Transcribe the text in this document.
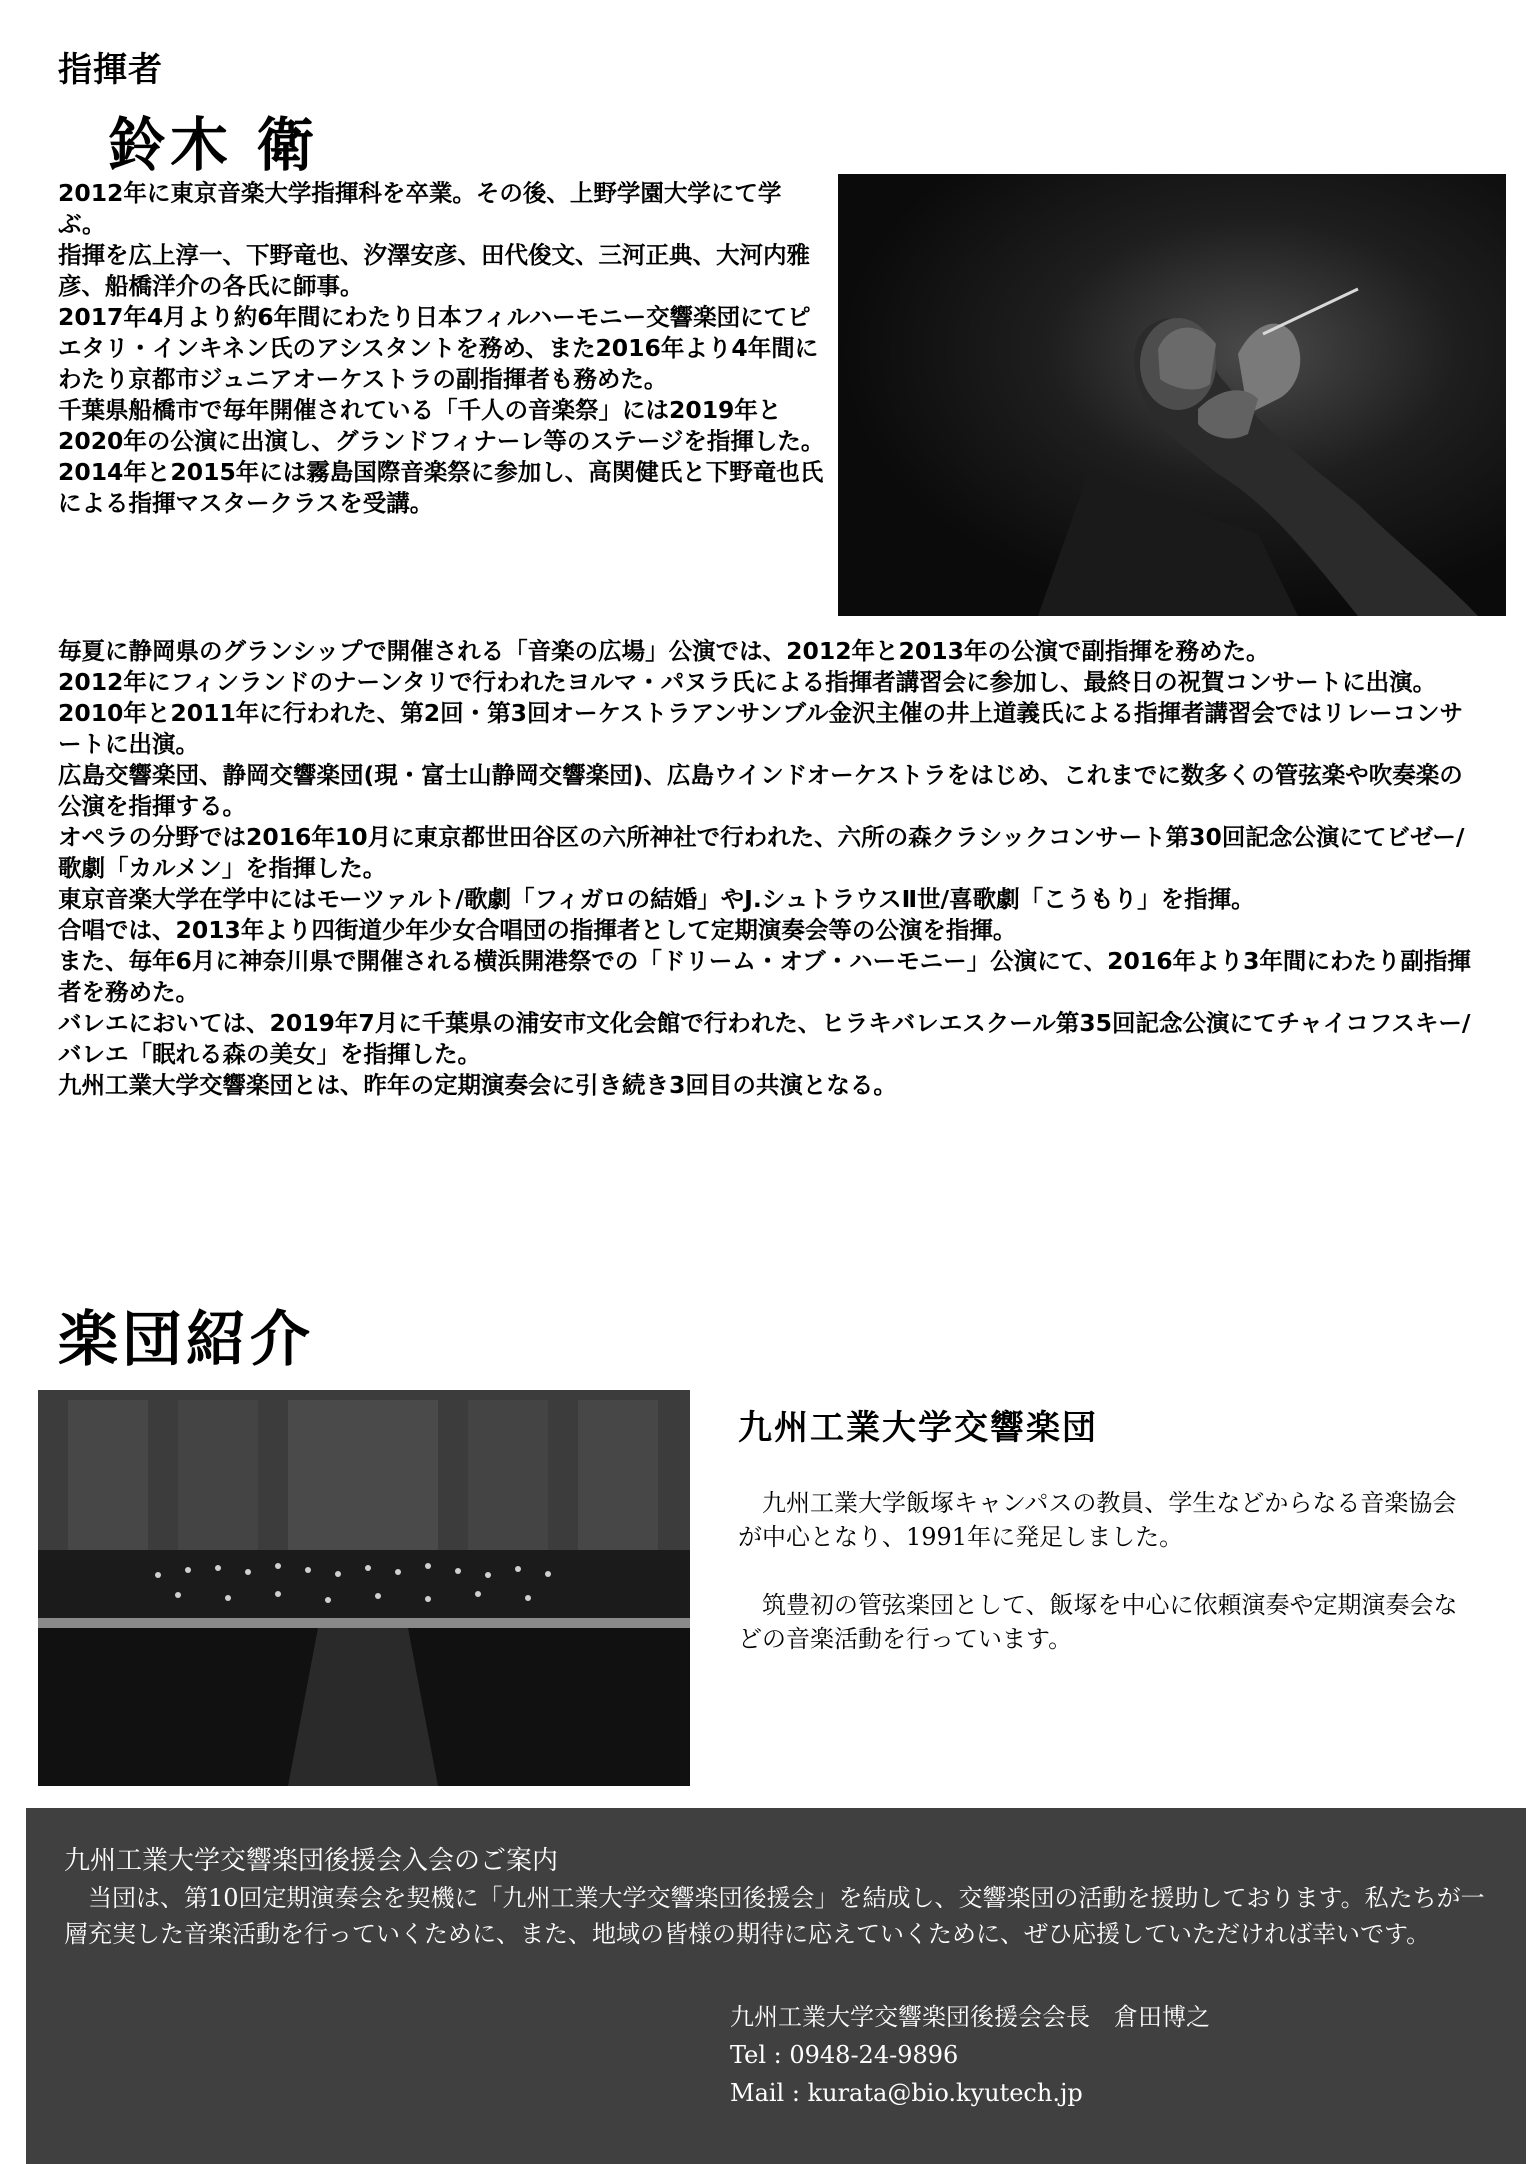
指揮者
鈴木 衛

2012年に東京音楽大学指揮科を卒業。その後、上野学園大学にて学ぶ。

指揮を広上淳一、下野竜也、汐澤安彦、田代俊文、三河正典、大河内雅彦、船橋洋介の各氏に師事。

2017年4月より約6年間にわたり日本フィルハーモニー交響楽団にてピエタリ・インキネン氏のアシスタントを務め、また2016年より4年間にわたり京都市ジュニアオーケストラの副指揮者も務めた。

千葉県船橋市で毎年開催されている「千人の音楽祭」には2019年と2020年の公演に出演し、グランドフィナーレ等のステージを指揮した。

2014年と2015年には霧島国際音楽祭に参加し、高関健氏と下野竜也氏による指揮マスタークラスを受講。

毎夏に静岡県のグランシップで開催される「音楽の広場」公演では、2012年と2013年の公演で副指揮を務めた。

2012年にフィンランドのナーンタリで行われたヨルマ・パヌラ氏による指揮者講習会に参加し、最終日の祝賀コンサートに出演。

2010年と2011年に行われた、第2回・第3回オーケストラアンサンブル金沢主催の井上道義氏による指揮者講習会ではリレーコンサートに出演。

広島交響楽団、静岡交響楽団(現・富士山静岡交響楽団)、広島ウインドオーケストラをはじめ、これまでに数多くの管弦楽や吹奏楽の公演を指揮する。

オペラの分野では2016年10月に東京都世田谷区の六所神社で行われた、六所の森クラシックコンサート第30回記念公演にてビゼー/歌劇「カルメン」を指揮した。

東京音楽大学在学中にはモーツァルト/歌劇「フィガロの結婚」やJ.シュトラウスⅡ世/喜歌劇「こうもり」を指揮。

合唱では、2013年より四街道少年少女合唱団の指揮者として定期演奏会等の公演を指揮。

また、毎年6月に神奈川県で開催される横浜開港祭での「ドリーム・オブ・ハーモニー」公演にて、2016年より3年間にわたり副指揮者を務めた。

バレエにおいては、2019年7月に千葉県の浦安市文化会館で行われた、ヒラキバレエスクール第35回記念公演にてチャイコフスキー/バレエ「眠れる森の美女」を指揮した。

九州工業大学交響楽団とは、昨年の定期演奏会に引き続き3回目の共演となる。

楽団紹介
九州工業大学交響楽団

九州工業大学飯塚キャンパスの教員、学生などからなる音楽協会が中心となり、1991年に発足しました。

筑豊初の管弦楽団として、飯塚を中心に依頼演奏や定期演奏会などの音楽活動を行っています。

九州工業大学交響楽団後援会入会のご案内
当団は、第10回定期演奏会を契機に「九州工業大学交響楽団後援会」を結成し、交響楽団の活動を援助しております。私たちが一層充実した音楽活動を行っていくために、また、地域の皆様の期待に応えていくために、ぜひ応援していただければ幸いです。
九州工業大学交響楽団後援会会長　倉田博之
Tel : 0948-24-9896
Mail : kurata@bio.kyutech.jp
